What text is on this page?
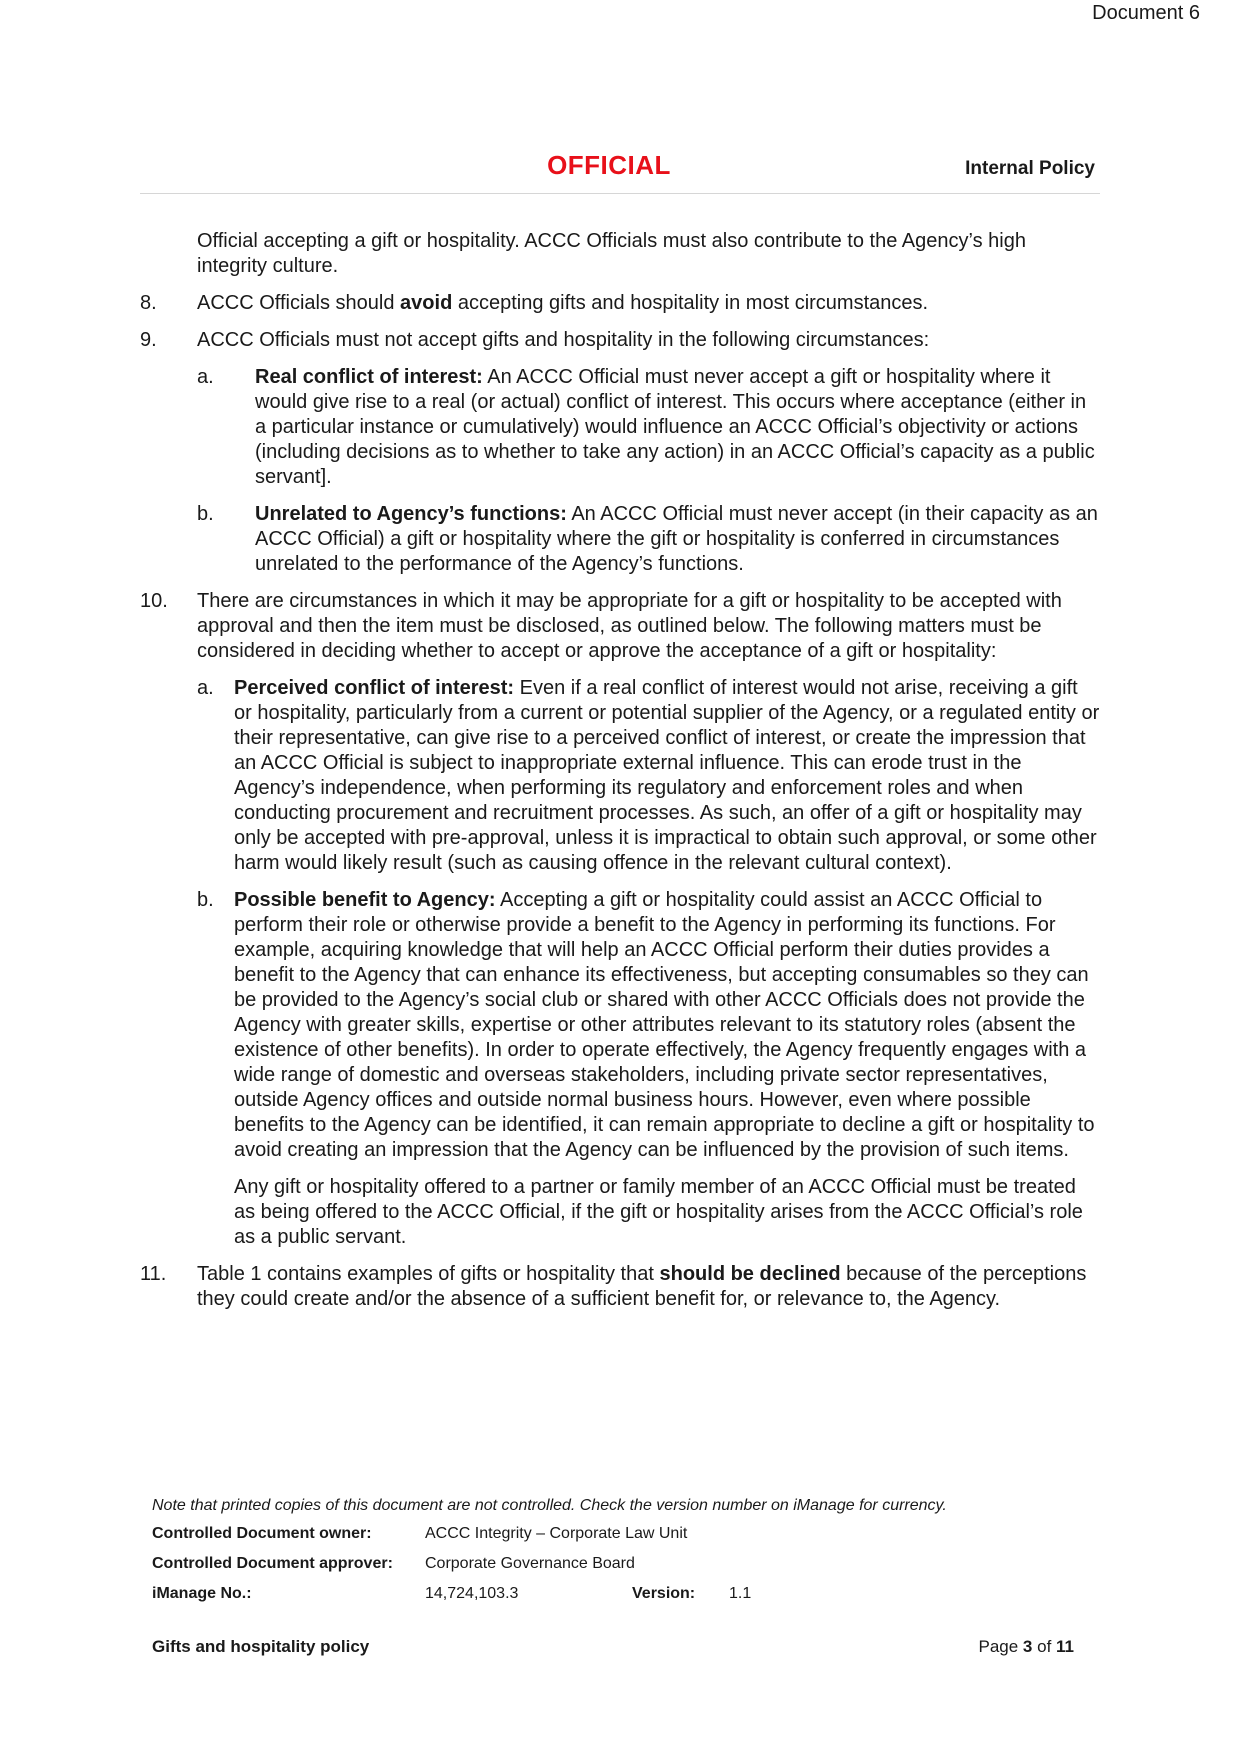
Document 6
OFFICIAL	Internal Policy
Official accepting a gift or hospitality. ACCC Officials must also contribute to the Agency’s high integrity culture.
8. ACCC Officials should avoid accepting gifts and hospitality in most circumstances.
9. ACCC Officials must not accept gifts and hospitality in the following circumstances:
a. Real conflict of interest: An ACCC Official must never accept a gift or hospitality where it would give rise to a real (or actual) conflict of interest. This occurs where acceptance (either in a particular instance or cumulatively) would influence an ACCC Official’s objectivity or actions (including decisions as to whether to take any action) in an ACCC Official’s capacity as a public servant].
b. Unrelated to Agency’s functions: An ACCC Official must never accept (in their capacity as an ACCC Official) a gift or hospitality where the gift or hospitality is conferred in circumstances unrelated to the performance of the Agency’s functions.
10. There are circumstances in which it may be appropriate for a gift or hospitality to be accepted with approval and then the item must be disclosed, as outlined below. The following matters must be considered in deciding whether to accept or approve the acceptance of a gift or hospitality:
a. Perceived conflict of interest: Even if a real conflict of interest would not arise, receiving a gift or hospitality, particularly from a current or potential supplier of the Agency, or a regulated entity or their representative, can give rise to a perceived conflict of interest, or create the impression that an ACCC Official is subject to inappropriate external influence. This can erode trust in the Agency’s independence, when performing its regulatory and enforcement roles and when conducting procurement and recruitment processes. As such, an offer of a gift or hospitality may only be accepted with pre-approval, unless it is impractical to obtain such approval, or some other harm would likely result (such as causing offence in the relevant cultural context).
b. Possible benefit to Agency: Accepting a gift or hospitality could assist an ACCC Official to perform their role or otherwise provide a benefit to the Agency in performing its functions. For example, acquiring knowledge that will help an ACCC Official perform their duties provides a benefit to the Agency that can enhance its effectiveness, but accepting consumables so they can be provided to the Agency’s social club or shared with other ACCC Officials does not provide the Agency with greater skills, expertise or other attributes relevant to its statutory roles (absent the existence of other benefits). In order to operate effectively, the Agency frequently engages with a wide range of domestic and overseas stakeholders, including private sector representatives, outside Agency offices and outside normal business hours. However, even where possible benefits to the Agency can be identified, it can remain appropriate to decline a gift or hospitality to avoid creating an impression that the Agency can be influenced by the provision of such items.
Any gift or hospitality offered to a partner or family member of an ACCC Official must be treated as being offered to the ACCC Official, if the gift or hospitality arises from the ACCC Official’s role as a public servant.
11. Table 1 contains examples of gifts or hospitality that should be declined because of the perceptions they could create and/or the absence of a sufficient benefit for, or relevance to, the Agency.
Note that printed copies of this document are not controlled. Check the version number on iManage for currency.
Controlled Document owner:	ACCC Integrity – Corporate Law Unit
Controlled Document approver: Corporate Governance Board
iManage No.:	14,724,103.3	Version: 1.1
Gifts and hospitality policy	Page 3 of 11
